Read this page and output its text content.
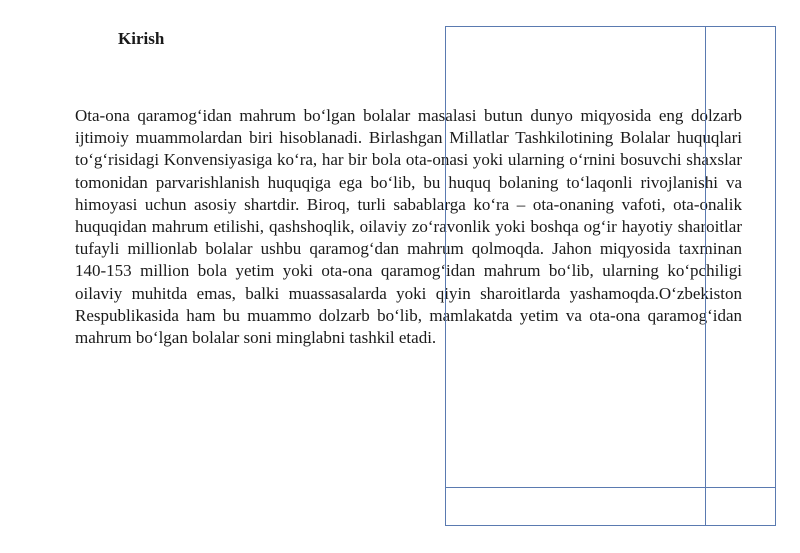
Kirish

Ota-ona qaramog‘idan mahrum bo‘lgan bolalar masalasi butun dunyo miqyosida eng dolzarb ijtimoiy muammolardan biri hisoblanadi. Birlashgan Millatlar Tashkilotining Bolalar huquqlari to‘g‘risidagi Konvensiyasiga ko‘ra, har bir bola ota-onasi yoki ularning o‘rnini bosuvchi shaxslar tomonidan parvarishlanish huquqiga ega bo‘lib, bu huquq bolaning to‘laqonli rivojlanishi va himoyasi uchun asosiy shartdir. Biroq, turli sabablarga ko‘ra – ota-onaning vafoti, ota-onalik huquqidan mahrum etilishi, qashshoqlik, oilaviy zo‘ravonlik yoki boshqa og‘ir hayotiy sharoitlar tufayli millionlab bolalar ushbu qaramog‘dan mahrum qolmoqda. Jahon miqyosida taxminan 140-153 million bola yetim yoki ota-ona qaramog‘idan mahrum bo‘lib, ularning ko‘pchiligi oilaviy muhitda emas, balki muassasalarda yoki qiyin sharoitlarda yashamoqda.O‘zbekiston Respublikasida ham bu muammo dolzarb bo‘lib, mamlakatda yetim va ota-ona qaramog‘idan mahrum bo‘lgan bolalar soni minglabni tashkil etadi.
